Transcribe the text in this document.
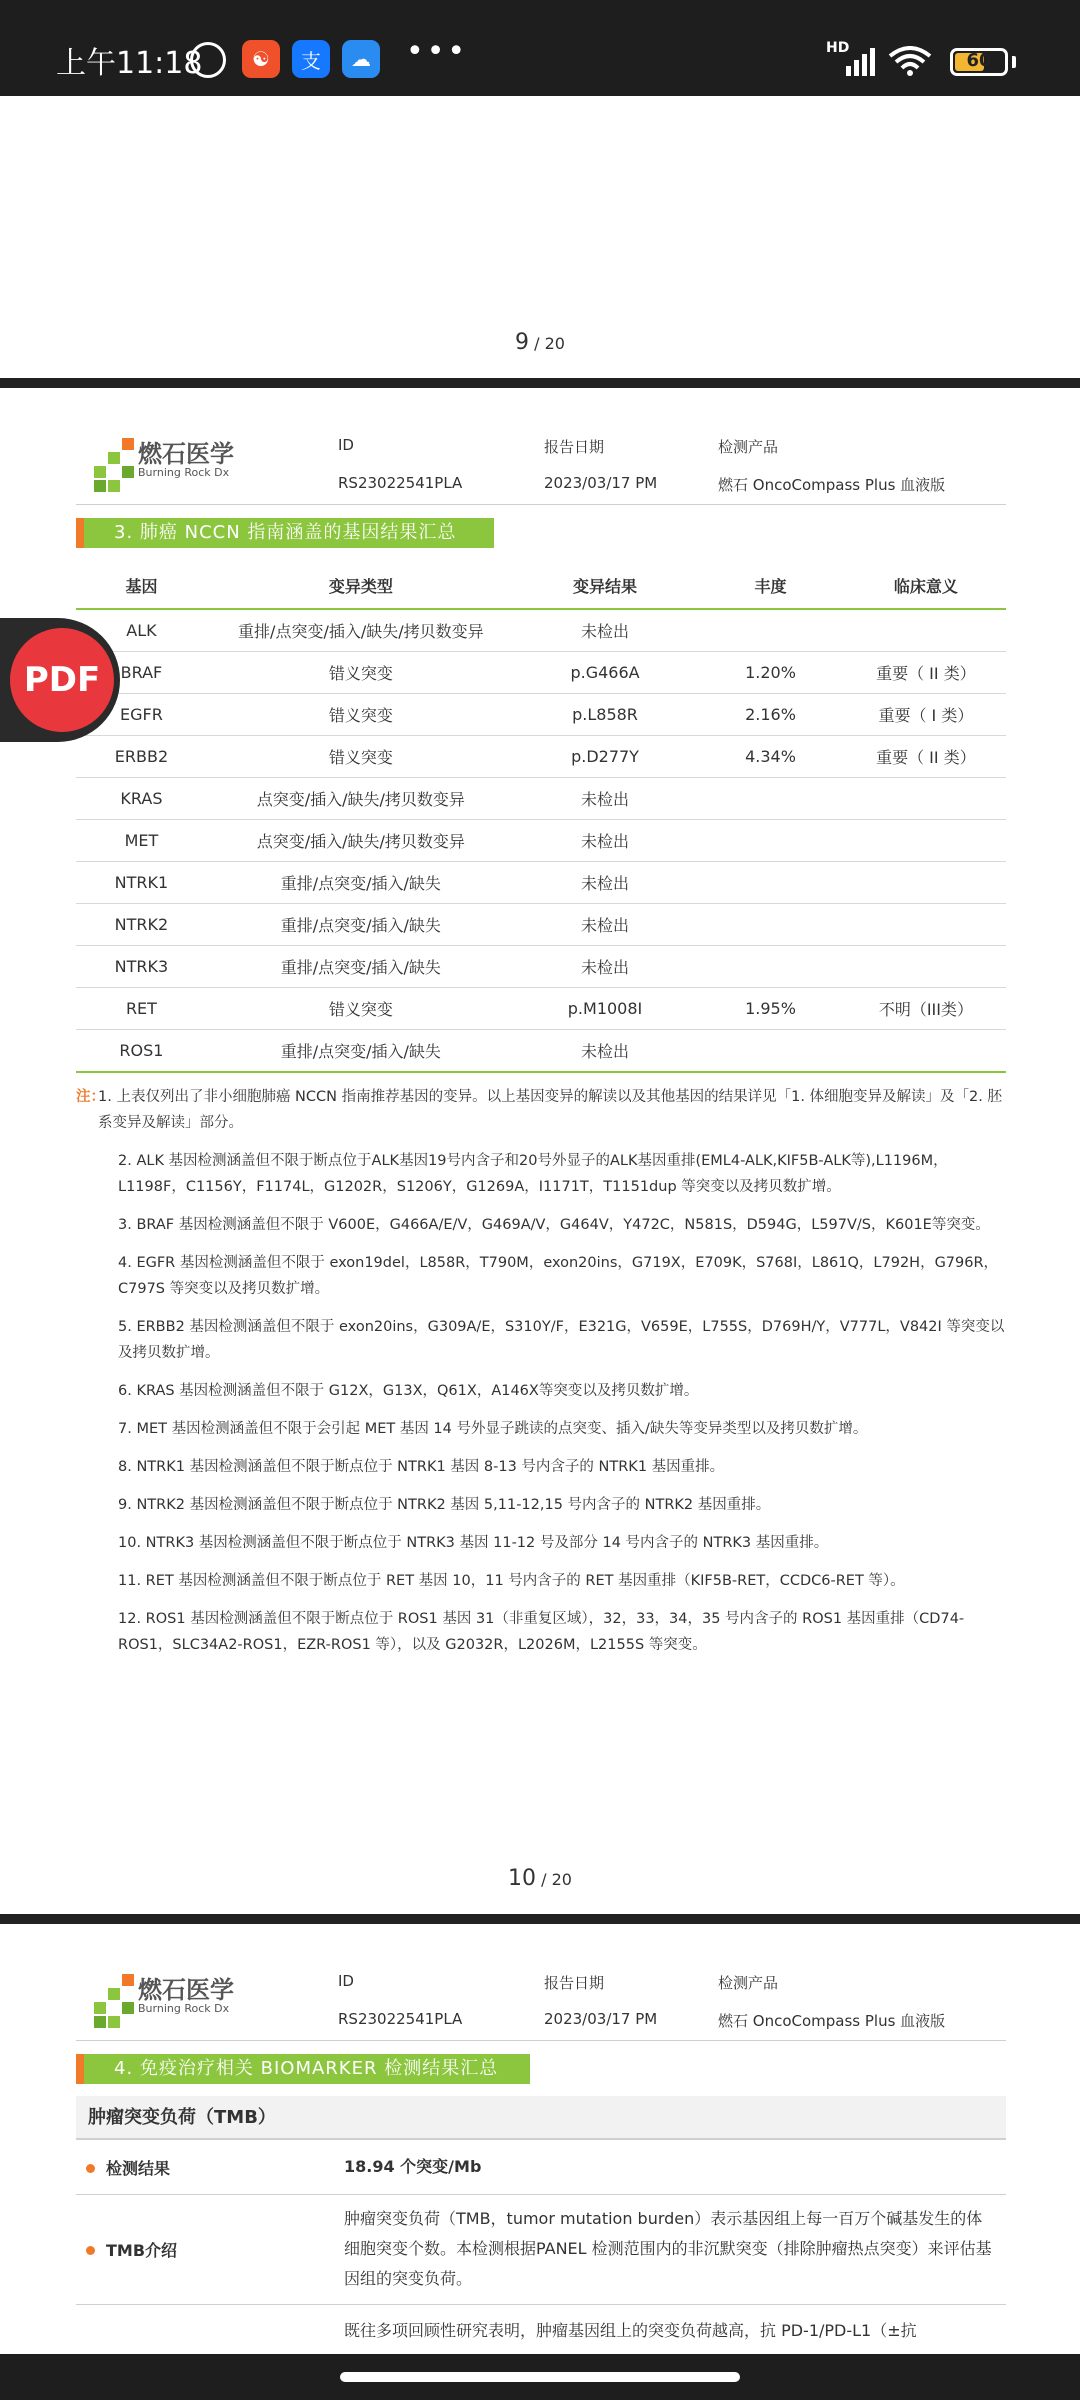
上午11:18	☯	支	☁	•••	HD
60
9 / 20
燃石医学
Burning Rock Dx
ID
RS23022541PLA
报告日期
2023/03/17 PM
检测产品
燃石 OncoCompass Plus 血液版
3. 肺癌 NCCN 指南涵盖的基因结果汇总
基因	变异类型	变异结果	丰度	临床意义
ALK	重排/点突变/插入/缺失/拷贝数变异	未检出		
BRAF	错义突变	p.G466A	1.20%	重要（ II 类）
EGFR	错义突变	p.L858R	2.16%	重要（ I 类）
ERBB2	错义突变	p.D277Y	4.34%	重要（ II 类）
KRAS	点突变/插入/缺失/拷贝数变异	未检出		
MET	点突变/插入/缺失/拷贝数变异	未检出		
NTRK1	重排/点突变/插入/缺失	未检出		
NTRK2	重排/点突变/插入/缺失	未检出		
NTRK3	重排/点突变/插入/缺失	未检出		
RET	错义突变	p.M1008I	1.95%	不明（III类）
ROS1	重排/点突变/插入/缺失	未检出		
PDF
注：

1. 上表仅列出了非小细胞肺癌 NCCN 指南推荐基因的变异。以上基因变异的解读以及其他基因的结果详见「1. 体细胞变异及解读」及「2. 胚系变异及解读」部分。

2. ALK 基因检测涵盖但不限于断点位于ALK基因19号内含子和20号外显子的ALK基因重排(EML4-ALK,KIF5B-ALK等),L1196M，L1198F，C1156Y，F1174L，G1202R，S1206Y，G1269A，I1171T，T1151dup 等突变以及拷贝数扩增。

3. BRAF 基因检测涵盖但不限于 V600E，G466A/E/V，G469A/V，G464V，Y472C，N581S，D594G，L597V/S，K601E等突变。

4. EGFR 基因检测涵盖但不限于 exon19del，L858R，T790M，exon20ins，G719X，E709K，S768I，L861Q，L792H，G796R，C797S 等突变以及拷贝数扩增。

5. ERBB2 基因检测涵盖但不限于 exon20ins，G309A/E，S310Y/F，E321G，V659E，L755S，D769H/Y，V777L，V842I 等突变以及拷贝数扩增。

6. KRAS 基因检测涵盖但不限于 G12X，G13X，Q61X，A146X等突变以及拷贝数扩增。

7. MET 基因检测涵盖但不限于会引起 MET 基因 14 号外显子跳读的点突变、插入/缺失等变异类型以及拷贝数扩增。

8. NTRK1 基因检测涵盖但不限于断点位于 NTRK1 基因 8-13 号内含子的 NTRK1 基因重排。

9. NTRK2 基因检测涵盖但不限于断点位于 NTRK2 基因 5,11-12,15 号内含子的 NTRK2 基因重排。

10. NTRK3 基因检测涵盖但不限于断点位于 NTRK3 基因 11-12 号及部分 14 号内含子的 NTRK3 基因重排。

11. RET 基因检测涵盖但不限于断点位于 RET 基因 10，11 号内含子的 RET 基因重排（KIF5B-RET，CCDC6-RET 等）。

12. ROS1 基因检测涵盖但不限于断点位于 ROS1 基因 31（非重复区域），32，33，34，35 号内含子的 ROS1 基因重排（CD74-ROS1，SLC34A2-ROS1，EZR-ROS1 等），以及 G2032R，L2026M，L2155S 等突变。

10 / 20
燃石医学
Burning Rock Dx
ID
RS23022541PLA
报告日期
2023/03/17 PM
检测产品
燃石 OncoCompass Plus 血液版
4. 免疫治疗相关 BIOMARKER 检测结果汇总
肿瘤突变负荷（TMB）
检测结果	18.94 个突变/Mb
TMB介绍
肿瘤突变负荷（TMB，tumor mutation burden）表示基因组上每一百万个碱基发生的体细胞突变个数。本检测根据PANEL 检测范围内的非沉默突变（排除肿瘤热点突变）来评估基因组的突变负荷。
既往多项回顾性研究表明，肿瘤基因组上的突变负荷越高，抗 PD-1/PD-L1（±抗
